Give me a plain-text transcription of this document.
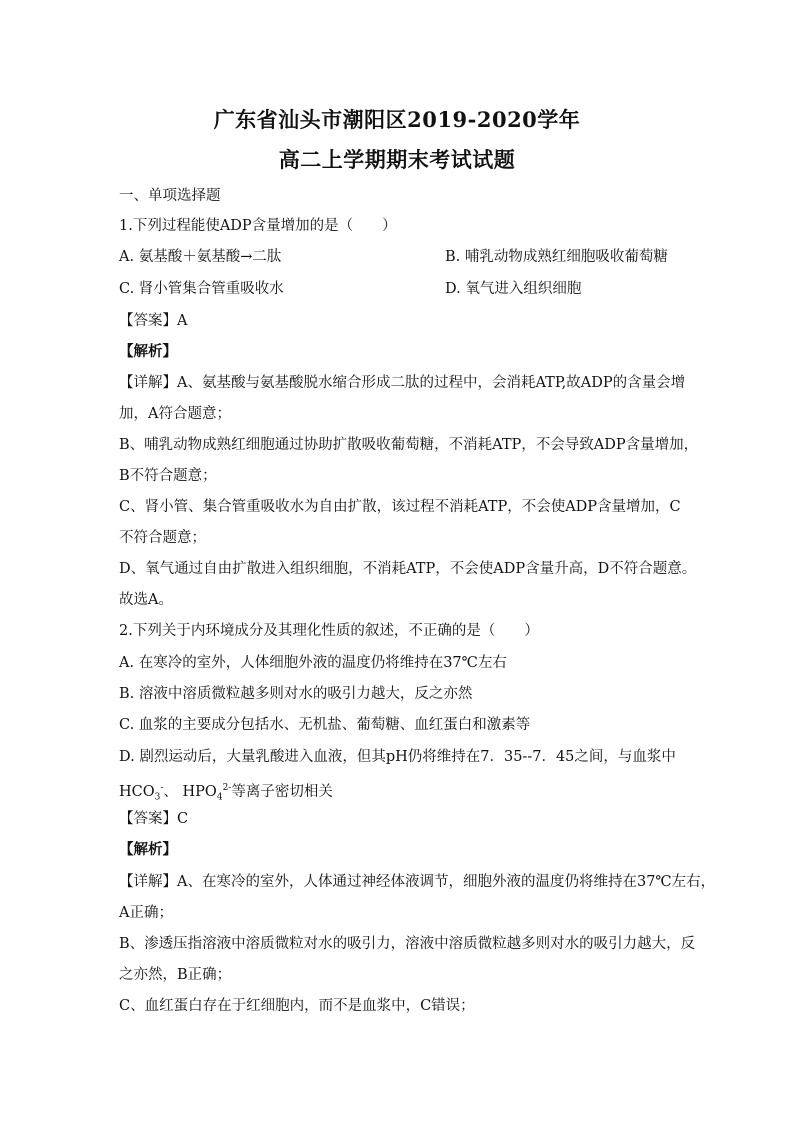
广东省汕头市潮阳区2019-2020学年
高二上学期期末考试试题
一、单项选择题
1.下列过程能使ADP含量增加的是（　　）
A. 氨基酸＋氨基酸→二肽	B. 哺乳动物成熟红细胞吸收葡萄糖
C. 肾小管集合管重吸收水	D. 氧气进入组织细胞
【答案】A
【解析】
【详解】A、氨基酸与氨基酸脱水缩合形成二肽的过程中，会消耗ATP,故ADP的含量会增
加，A符合题意；
B、哺乳动物成熟红细胞通过协助扩散吸收葡萄糖，不消耗ATP，不会导致ADP含量增加，
B不符合题意；
C、肾小管、集合管重吸收水为自由扩散，该过程不消耗ATP，不会使ADP含量增加，C
不符合题意；
D、氧气通过自由扩散进入组织细胞，不消耗ATP，不会使ADP含量升高，D不符合题意。
故选A。
2.下列关于内环境成分及其理化性质的叙述，不正确的是（　　）
A. 在寒冷的室外，人体细胞外液的温度仍将维持在37℃左右
B. 溶液中溶质微粒越多则对水的吸引力越大，反之亦然
C. 血浆的主要成分包括水、无机盐、葡萄糖、血红蛋白和激素等
D. 剧烈运动后，大量乳酸进入血液，但其pH仍将维持在7．35--7．45之间，与血浆中
$HCO_3^-$、 $HPO_4^{2-}$等离子密切相关
【答案】C
【解析】
【详解】A、在寒冷的室外，人体通过神经体液调节，细胞外液的温度仍将维持在37℃左右，
A正确；
B、渗透压指溶液中溶质微粒对水的吸引力，溶液中溶质微粒越多则对水的吸引力越大，反
之亦然，B正确；
C、血红蛋白存在于红细胞内，而不是血浆中，C错误；
